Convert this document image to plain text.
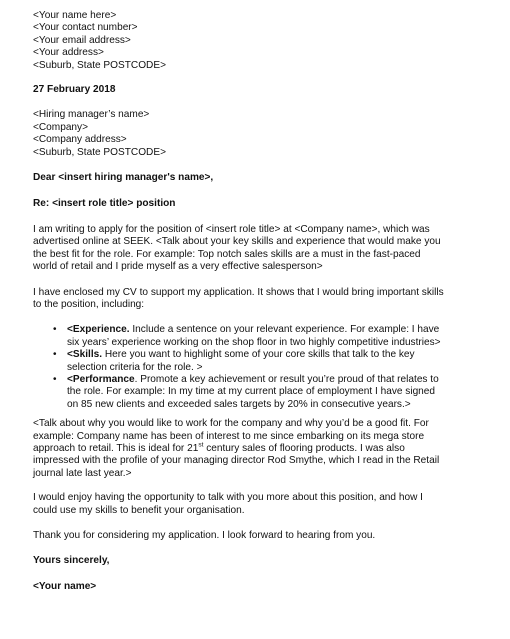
<Your name here>
<Your contact number>
<Your email address>
<Your address>
<Suburb, State POSTCODE>
27 February 2018
<Hiring manager’s name>
<Company>
<Company address>
<Suburb, State POSTCODE>
Dear <insert hiring manager's name>,
Re: <insert role title> position

I am writing to apply for the position of <insert role title> at <Company name>, which was
advertised online at SEEK. <Talk about your key skills and experience that would make you
the best fit for the role. For example: Top notch sales skills are a must in the fast-paced
world of retail and I pride myself as a very effective salesperson>

I have enclosed my CV to support my application. It shows that I would bring important skills
to the position, including:

• <Experience. Include a sentence on your relevant experience. For example: I have
six years’ experience working on the shop floor in two highly competitive industries>
• <Skills. Here you want to highlight some of your core skills that talk to the key
selection criteria for the role. >
• <Performance. Promote a key achievement or result you’re proud of that relates to
the role. For example: In my time at my current place of employment I have signed
on 85 new clients and exceeded sales targets by 20% in consecutive years.>

<Talk about why you would like to work for the company and why you’d be a good fit. For
example: Company name has been of interest to me since embarking on its mega store
approach to retail. This is ideal for 21st century sales of flooring products. I was also
impressed with the profile of your managing director Rod Smythe, which I read in the Retail
journal late last year.>

I would enjoy having the opportunity to talk with you more about this position, and how I
could use my skills to benefit your organisation.

Thank you for considering my application. I look forward to hearing from you.
Yours sincerely,
<Your name>
